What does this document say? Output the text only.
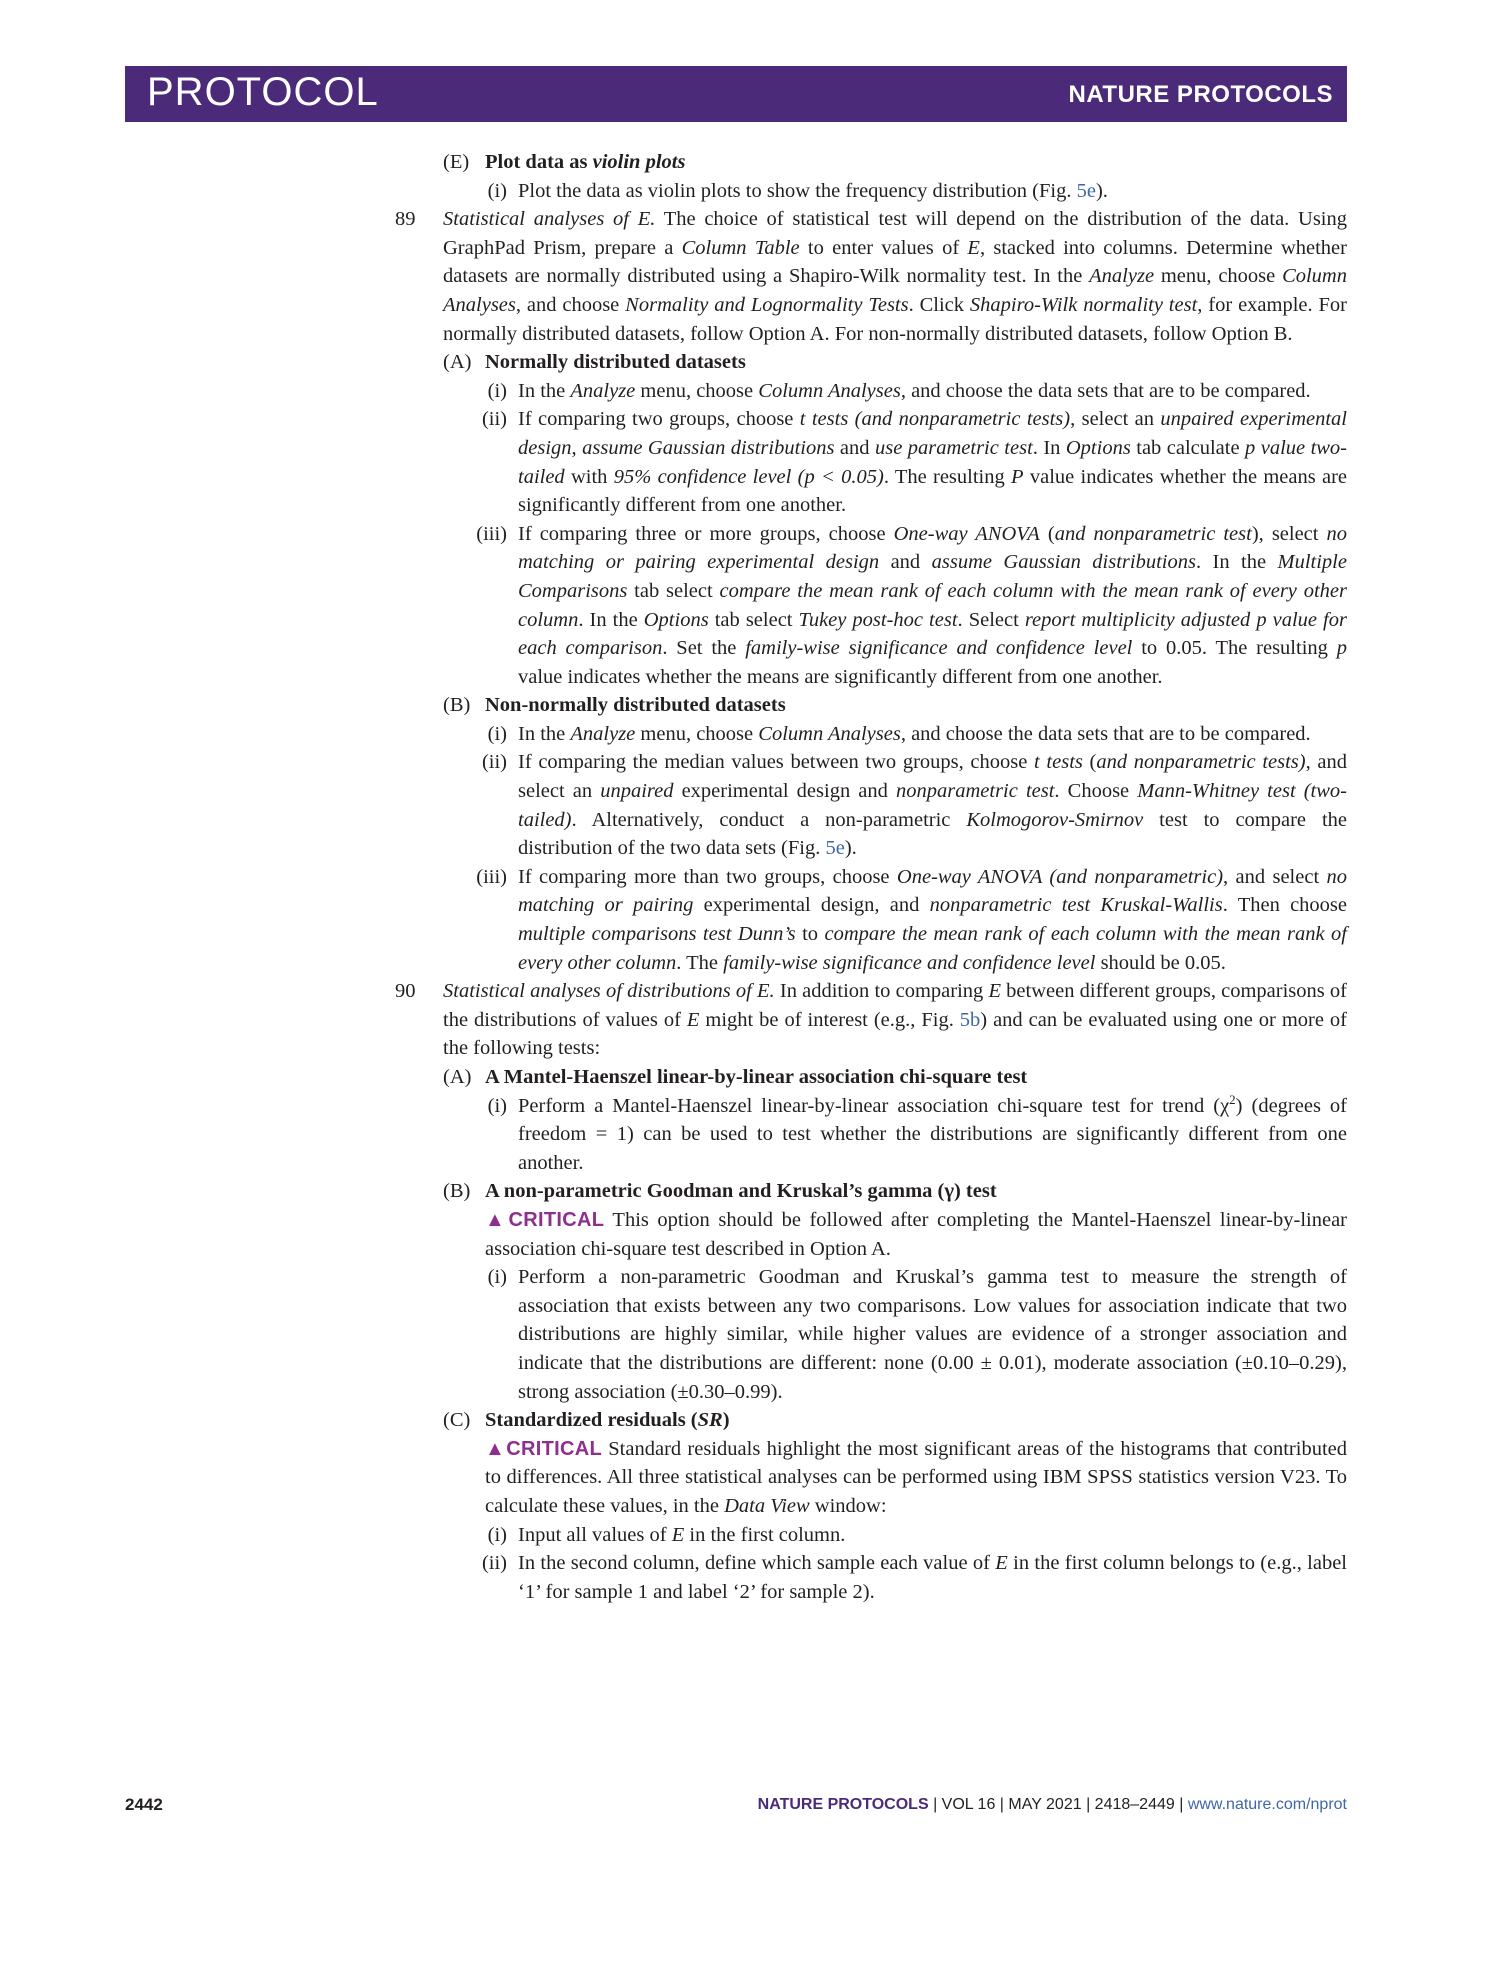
PROTOCOL	NATURE PROTOCOLS
(E) Plot data as violin plots
(i) Plot the data as violin plots to show the frequency distribution (Fig. 5e).
89 Statistical analyses of E. The choice of statistical test will depend on the distribution of the data. Using GraphPad Prism, prepare a Column Table to enter values of E, stacked into columns. Determine whether datasets are normally distributed using a Shapiro-Wilk normality test. In the Analyze menu, choose Column Analyses, and choose Normality and Lognormality Tests. Click Shapiro-Wilk normality test, for example. For normally distributed datasets, follow Option A. For non-normally distributed datasets, follow Option B.
(A) Normally distributed datasets
(i) In the Analyze menu, choose Column Analyses, and choose the data sets that are to be compared.
(ii) If comparing two groups, choose t tests (and nonparametric tests), select an unpaired experimental design, assume Gaussian distributions and use parametric test. In Options tab calculate p value two-tailed with 95% confidence level (p < 0.05). The resulting P value indicates whether the means are significantly different from one another.
(iii) If comparing three or more groups, choose One-way ANOVA (and nonparametric test), select no matching or pairing experimental design and assume Gaussian distributions. In the Multiple Comparisons tab select compare the mean rank of each column with the mean rank of every other column. In the Options tab select Tukey post-hoc test. Select report multiplicity adjusted p value for each comparison. Set the family-wise significance and confidence level to 0.05. The resulting p value indicates whether the means are significantly different from one another.
(B) Non-normally distributed datasets
(i) In the Analyze menu, choose Column Analyses, and choose the data sets that are to be compared.
(ii) If comparing the median values between two groups, choose t tests (and nonparametric tests), and select an unpaired experimental design and nonparametric test. Choose Mann-Whitney test (two-tailed). Alternatively, conduct a non-parametric Kolmogorov-Smirnov test to compare the distribution of the two data sets (Fig. 5e).
(iii) If comparing more than two groups, choose One-way ANOVA (and nonparametric), and select no matching or pairing experimental design, and nonparametric test Kruskal-Wallis. Then choose multiple comparisons test Dunn’s to compare the mean rank of each column with the mean rank of every other column. The family-wise significance and confidence level should be 0.05.
90 Statistical analyses of distributions of E. In addition to comparing E between different groups, comparisons of the distributions of values of E might be of interest (e.g., Fig. 5b) and can be evaluated using one or more of the following tests:
(A) A Mantel-Haenszel linear-by-linear association chi-square test
(i) Perform a Mantel-Haenszel linear-by-linear association chi-square test for trend $(\chi^2)$ (degrees of freedom = 1) can be used to test whether the distributions are significantly different from one another.
(B) A non-parametric Goodman and Kruskal’s gamma (γ) test
▲CRITICAL This option should be followed after completing the Mantel-Haenszel linear-by-linear association chi-square test described in Option A.
(i) Perform a non-parametric Goodman and Kruskal’s gamma test to measure the strength of association that exists between any two comparisons. Low values for association indicate that two distributions are highly similar, while higher values are evidence of a stronger association and indicate that the distributions are different: none (0.00 ± 0.01), moderate association (±0.10–0.29), strong association (±0.30–0.99).
(C) Standardized residuals (SR)
▲CRITICAL Standard residuals highlight the most significant areas of the histograms that contributed to differences. All three statistical analyses can be performed using IBM SPSS statistics version V23. To calculate these values, in the Data View window:
(i) Input all values of E in the first column.
(ii) In the second column, define which sample each value of E in the first column belongs to (e.g., label ‘1’ for sample 1 and label ‘2’ for sample 2).
2442	NATURE PROTOCOLS | VOL 16 | MAY 2021 | 2418–2449 | www.nature.com/nprot
